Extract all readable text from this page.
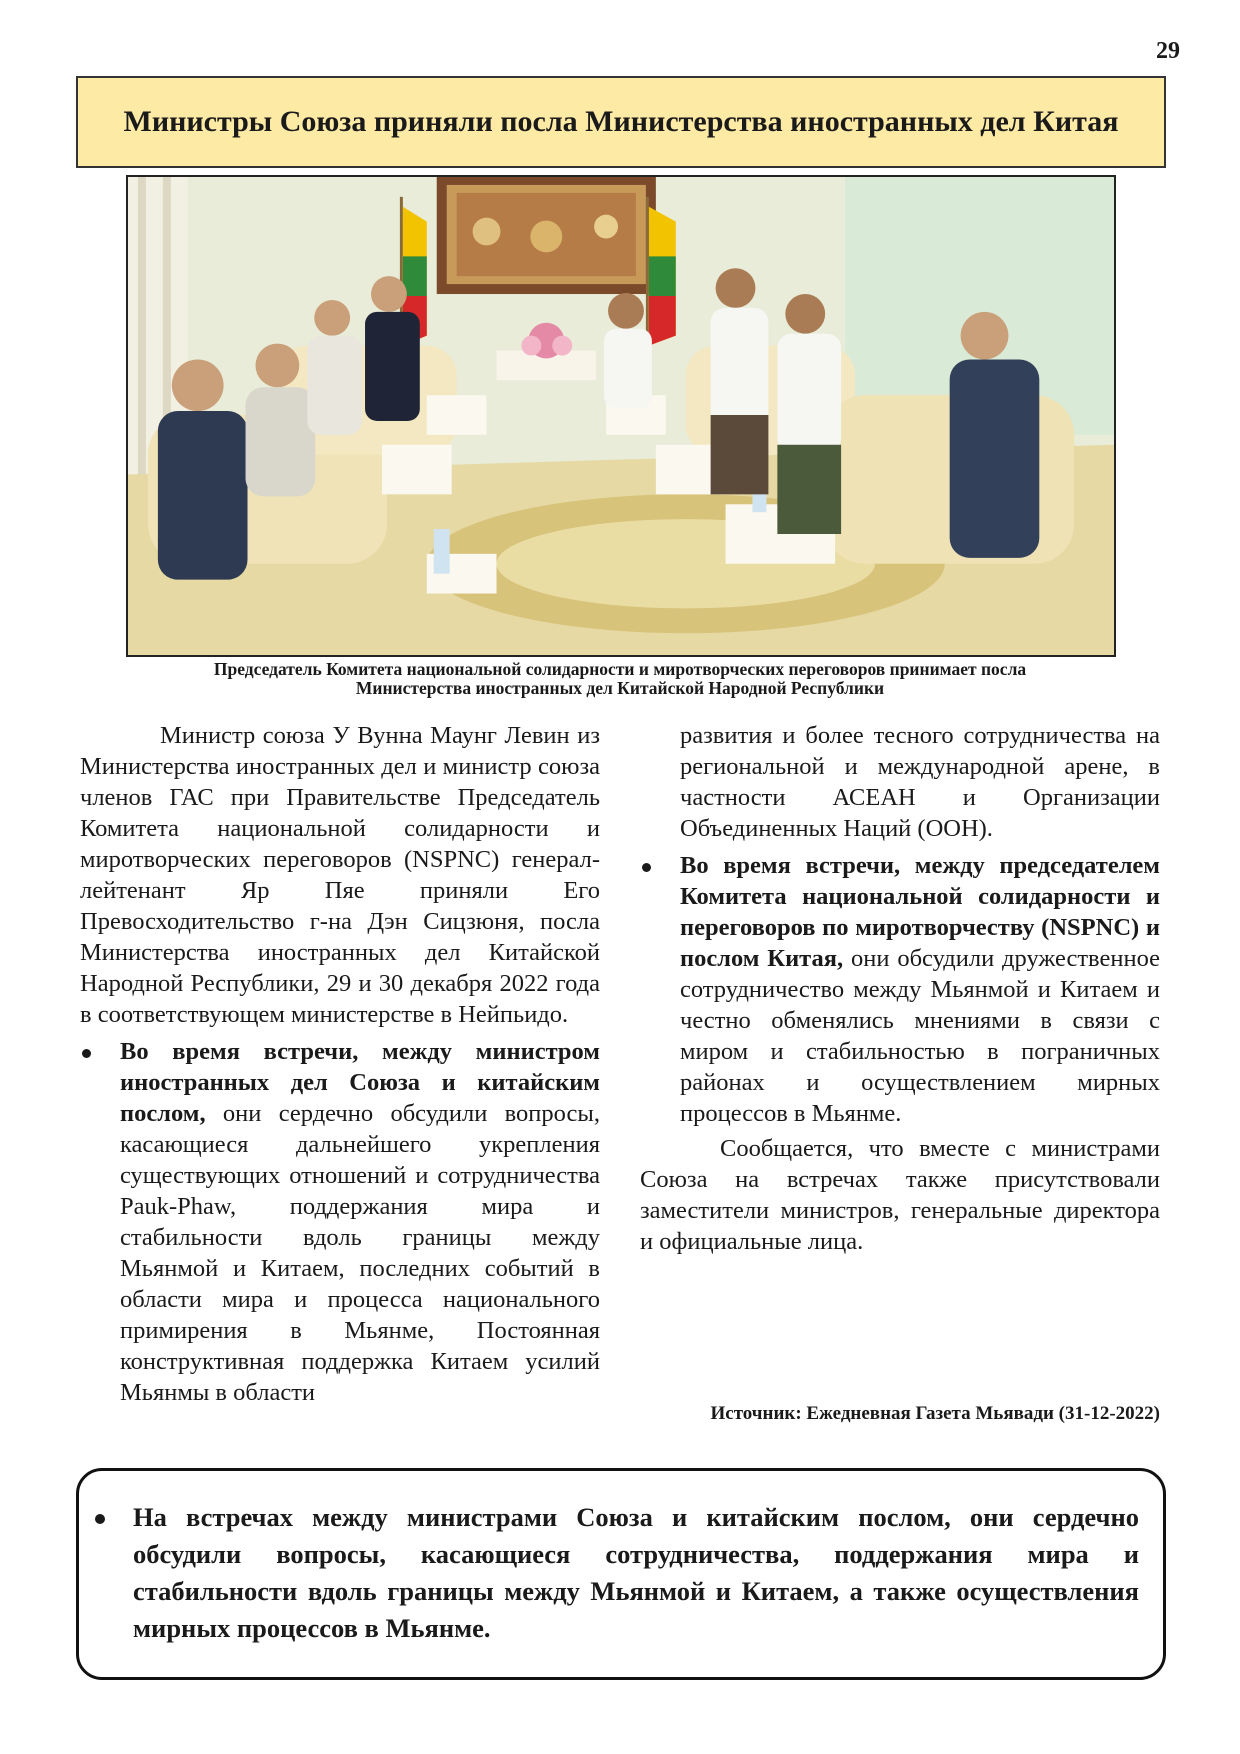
29
Министры Союза приняли посла Министерства иностранных дел Китая
Председатель Комитета национальной солидарности и миротворческих переговоров принимает посла
Министерства иностранных дел Китайской Народной Республики

Министр союза У Вунна Маунг Левин из Министерства иностранных дел и министр союза членов ГАС при Правительстве Председатель Комитета национальной солидарности и миротворческих переговоров (NSPNC) генерал-лейтенант Яр Пяе приняли Его Превосходительство г-на Дэн Сицзюня, посла Министерства иностранных дел Китайской Народной Республики, 29 и 30 декабря 2022 года в соответствующем министерстве в Нейпьидо.

Во время встречи, между министром иностранных дел Союза и китайским послом, они сердечно обсудили вопросы, касающиеся дальнейшего укрепления существующих отношений и сотрудничества Pauk-Phaw, поддержания мира и стабильности вдоль границы между Мьянмой и Китаем, последних событий в области мира и процесса национального примирения в Мьянме, Постоянная конструктивная поддержка Китаем усилий Мьянмы в области

развития и более тесного сотрудничества на региональной и международной арене, в частности АСЕАН и Организации Объединенных Наций (ООН).

Во время встречи, между председателем Комитета национальной солидарности и переговоров по миротворчеству (NSPNC) и послом Китая, они обсудили дружественное сотрудничество между Мьянмой и Китаем и честно обменялись мнениями в связи с миром и стабильностью в пограничных районах и осуществлением мирных процессов в Мьянме.

Сообщается, что вместе с министрами Союза на встречах также присутствовали заместители министров, генеральные директора и официальные лица.

Источник: Ежедневная Газета Мьявади (31-12-2022)
На встречах между министрами Союза и китайским послом, они сердечно обсудили вопросы, касающиеся сотрудничества, поддержания мира и стабильности вдоль границы между Мьянмой и Китаем, а также осуществления мирных процессов в Мьянме.
